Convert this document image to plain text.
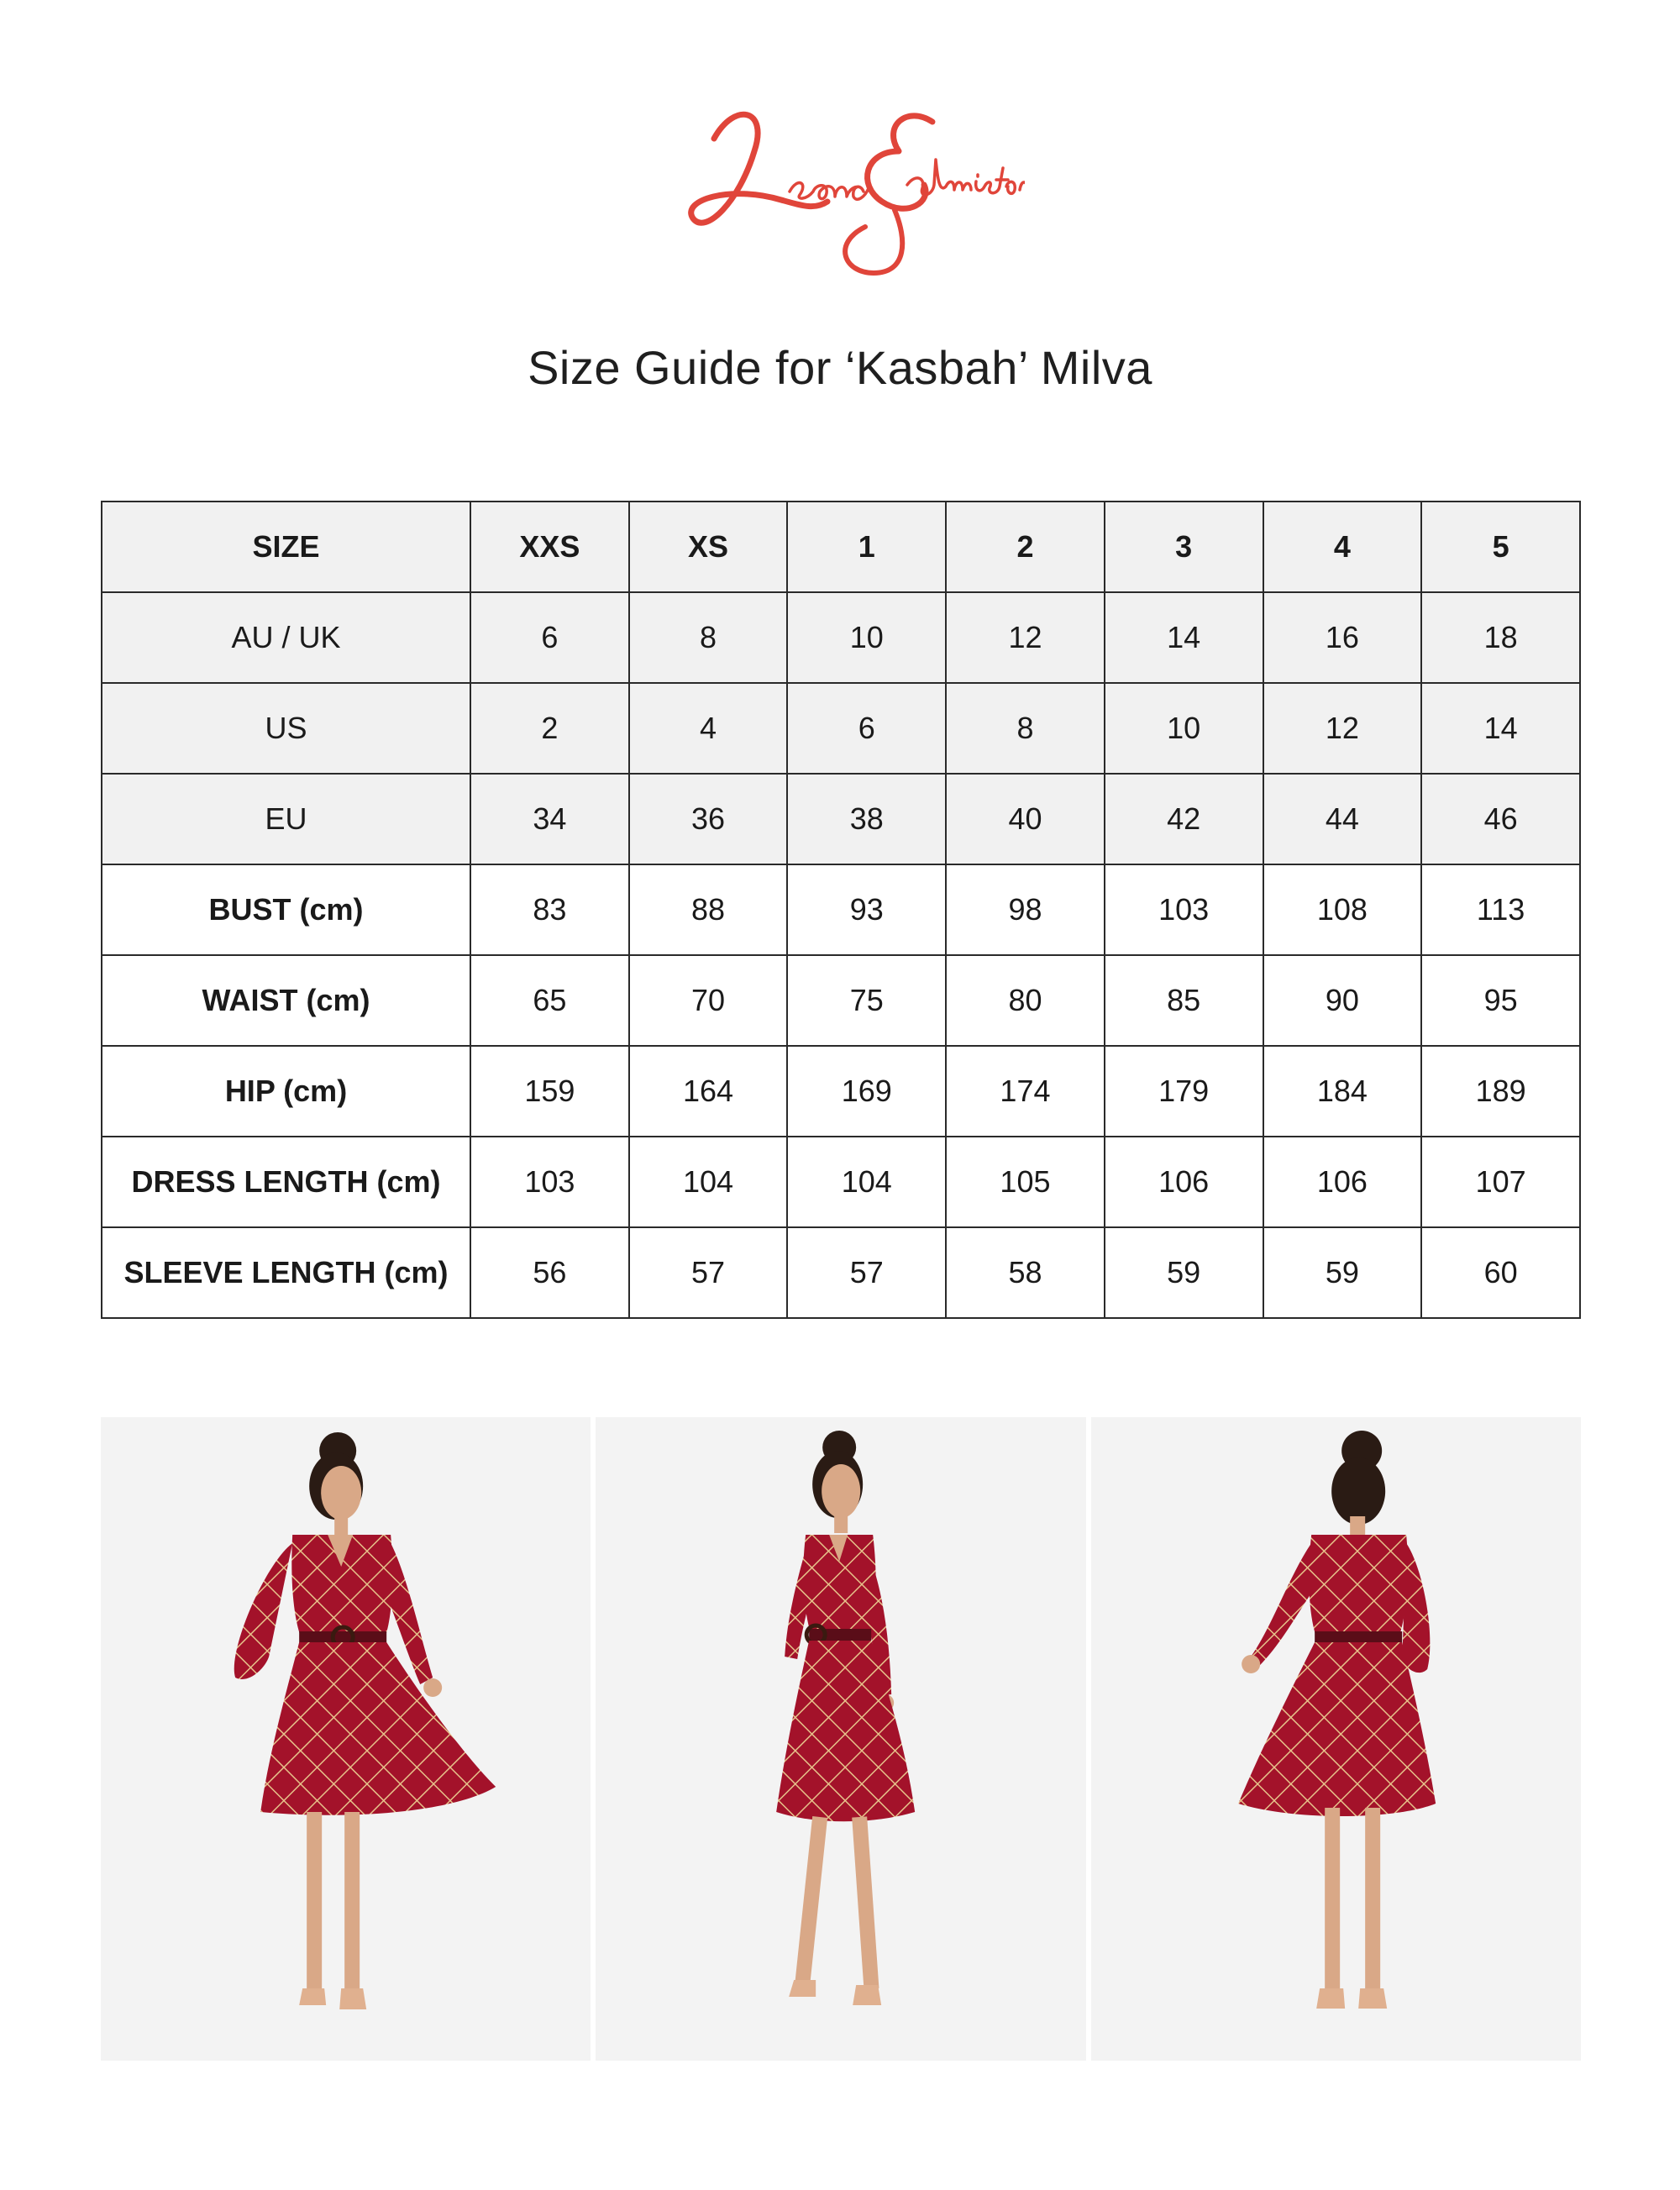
Size Guide for ‘Kasbah’ Milva
SIZE	XXS	XS	1	2	3	4	5
AU / UK	6	8	10	12	14	16	18
US	2	4	6	8	10	12	14
EU	34	36	38	40	42	44	46
BUST (cm)	83	88	93	98	103	108	113
WAIST (cm)	65	70	75	80	85	90	95
HIP (cm)	159	164	169	174	179	184	189
DRESS LENGTH (cm)	103	104	104	105	106	106	107
SLEEVE LENGTH (cm)	56	57	57	58	59	59	60
